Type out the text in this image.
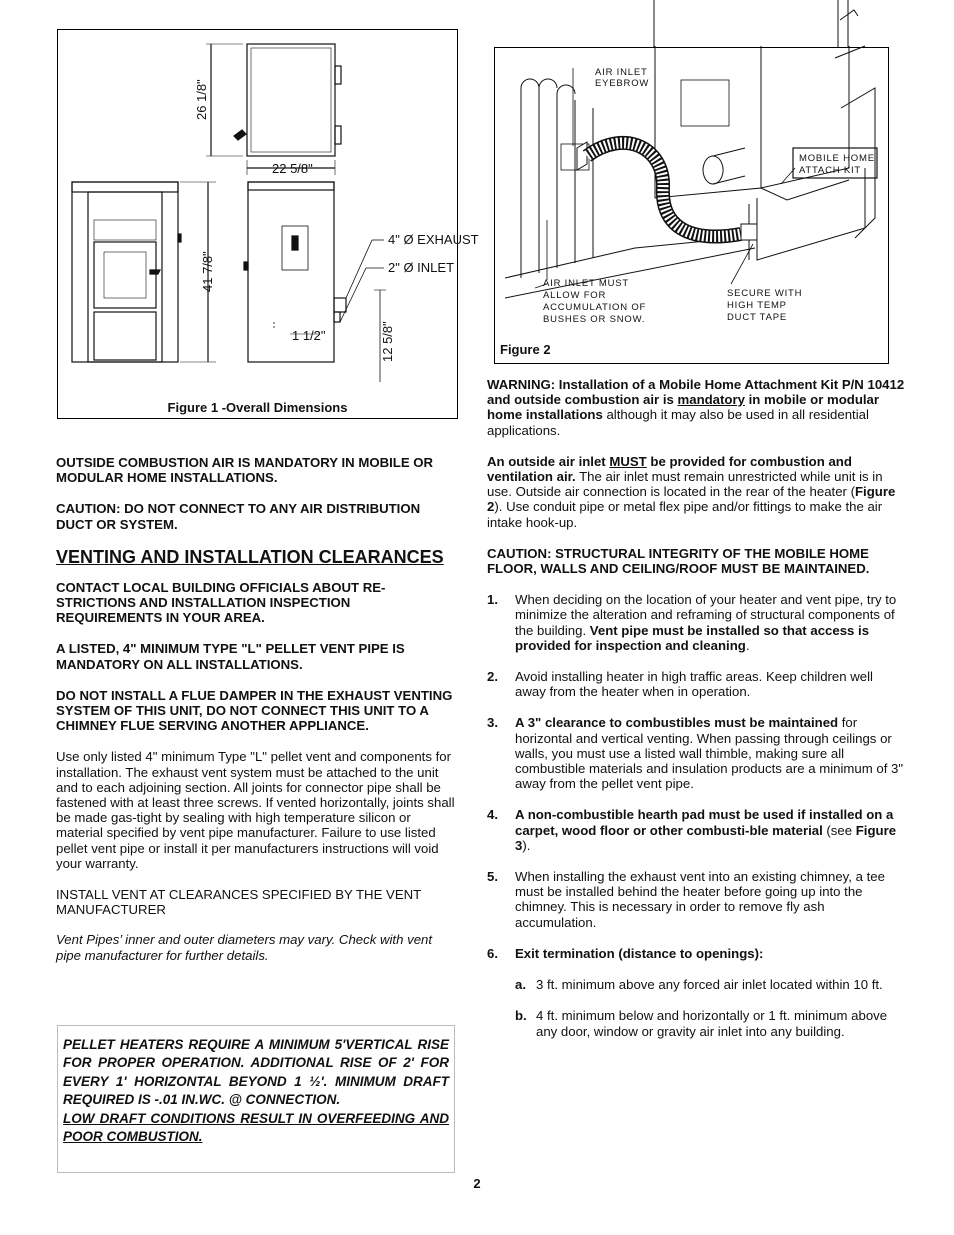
26 1/8"
22 5/8"
41 7/8"
4" Ø EXHAUST
2" Ø INLET
1 1/2"	12 5/8"
Figure 1 -Overall Dimensions
AIR INLET
EYEBROW
MOBILE HOME
ATTACH KIT
AIR INLET MUST
ALLOW FOR
ACCUMULATION OF
BUSHES OR SNOW.
SECURE WITH
HIGH TEMP
DUCT TAPE
Figure 2

OUTSIDE COMBUSTION AIR IS MANDATORY IN MOBILE OR MODULAR HOME INSTALLATIONS.

CAUTION: DO NOT CONNECT TO ANY AIR DISTRIBUTION DUCT OR SYSTEM.

VENTING AND INSTALLATION CLEARANCES

CONTACT LOCAL BUILDING OFFICIALS ABOUT RE-STRICTIONS AND INSTALLATION INSPECTION REQUIREMENTS IN YOUR AREA.

A LISTED, 4" MINIMUM TYPE "L" PELLET VENT PIPE IS MANDATORY ON ALL INSTALLATIONS.

DO NOT INSTALL A FLUE DAMPER IN THE EXHAUST VENTING SYSTEM OF THIS UNIT, DO NOT CONNECT THIS UNIT TO A CHIMNEY FLUE SERVING ANOTHER APPLIANCE.

Use only listed 4" minimum Type "L" pellet vent and components for installation. The exhaust vent system must be attached to the unit and to each adjoining section. All joints for connector pipe shall be fastened with at least three screws. If vented horizontally, joints shall be made gas-tight by sealing with high temperature silicon or material specified by vent pipe manufacturer. Failure to use listed pellet vent pipe or install it per manufacturers instructions will void your warranty.

INSTALL VENT AT CLEARANCES SPECIFIED BY THE VENT MANUFACTURER

Vent Pipes’ inner and outer diameters may vary. Check with vent pipe manufacturer for further details.

PELLET HEATERS REQUIRE A MINIMUM 5'VERTICAL RISE FOR PROPER OPERATION. ADDITIONAL RISE OF 2' FOR EVERY 1' HORIZONTAL BEYOND 1 ½'. MINIMUM DRAFT REQUIRED IS -.01 IN.WC. @ CONNECTION.

LOW DRAFT CONDITIONS RESULT IN OVERFEEDING AND POOR COMBUSTION.

WARNING: Installation of a Mobile Home Attachment Kit P/N 10412 and outside combustion air is mandatory in mobile or modular home installations although it may also be used in all residential applications.

An outside air inlet MUST be provided for combustion and ventilation air. The air inlet must remain unrestricted while unit is in use. Outside air connection is located in the rear of the heater (Figure 2). Use conduit pipe or metal flex pipe and/or fittings to make the air intake hook-up.

CAUTION: STRUCTURAL INTEGRITY OF THE MOBILE HOME FLOOR, WALLS AND CEILING/ROOF MUST BE MAINTAINED.

1. When deciding on the location of your heater and vent pipe, try to minimize the alteration and reframing of structural components of the building. Vent pipe must be installed so that access is provided for inspection and cleaning.
2. Avoid installing heater in high traffic areas. Keep children well away from the heater when in operation.
3. A 3" clearance to combustibles must be maintained for horizontal and vertical venting. When passing through ceilings or walls, you must use a listed wall thimble, making sure all combustible materials and insulation products are a minimum of 3" away from the pellet vent pipe.
4. A non-combustible hearth pad must be used if installed on a carpet, wood floor or other combusti-ble material (see Figure 3).
5. When installing the exhaust vent into an existing chimney, a tee must be installed behind the heater before going up into the chimney. This is necessary in order to remove fly ash accumulation.
6. Exit termination (distance to openings):
a. 3 ft. minimum above any forced air inlet located within 10 ft.
b. 4 ft. minimum below and horizontally or 1 ft. minimum above any door, window or gravity air inlet into any building.
2
